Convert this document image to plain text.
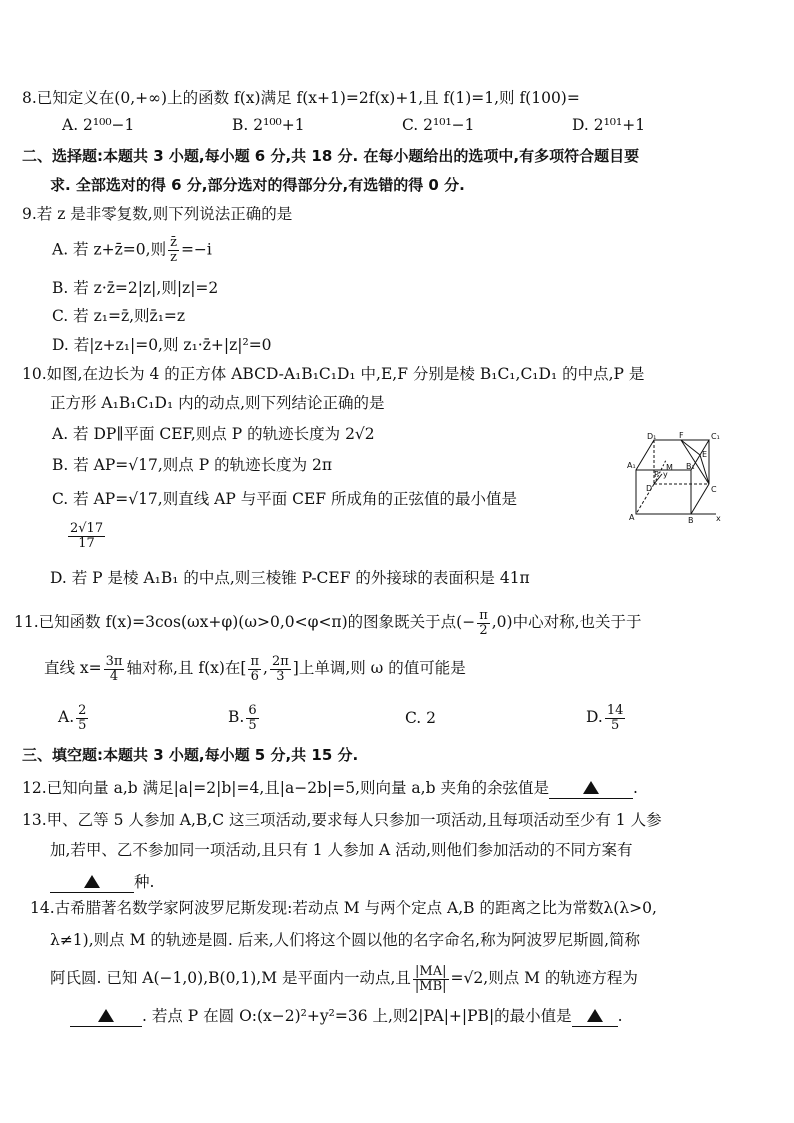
8.已知定义在(0,+∞)上的函数 f(x)满足 f(x+1)=2f(x)+1,且 f(1)=1,则 f(100)=
A. 2¹⁰⁰−1	B. 2¹⁰⁰+1	C. 2¹⁰¹−1	D. 2¹⁰¹+1
二、选择题:本题共 3 小题,每小题 6 分,共 18 分. 在每小题给出的选项中,有多项符合题目要
求. 全部选对的得 6 分,部分选对的得部分分,有选错的得 0 分.
9.若 z 是非零复数,则下列说法正确的是
A. 若 z+z̄=0,则 $\frac{z̄}{z} =-i$
B. 若 z·z̄=2|z|,则|z|=2
C. 若 z₁=z̄,则z̄₁=z
D. 若|z+z₁|=0,则 z₁·z̄+|z|²=0
10.如图,在边长为 4 的正方体 ABCD-A₁B₁C₁D₁ 中,E,F 分别是棱 B₁C₁,C₁D₁ 的中点,P 是
正方形 A₁B₁C₁D₁ 内的动点,则下列结论正确的是
A. 若 DP∥平面 CEF,则点 P 的轨迹长度为 2√2
B. 若 AP=√17,则点 P 的轨迹长度为 2π
C. 若 AP=√17,则直线 AP 与平面 CEF 所成角的正弦值的最小值是
$\frac{2√17}{17}$
D. 若 P 是棱 A₁B₁ 的中点,则三棱锥 P-CEF 的外接球的表面积是 41π
D₁	F	C₁
A₁	M B₁
E
D
P y
C
A	B	x
11.已知函数 f(x)=3cos(ωx+φ)(ω>0,0<φ<π)的图象既关于点(− $\frac{\pi}{2} ,0$)中心对称,也关于于
直线 $x= \frac{3\pi}{4}$ 轴对称,且 f(x)在[ $\frac{\pi}{6}$ , $\frac{2\pi}{3}$ ]上单调,则 ω 的值可能是
A. $\frac{2}{5}$	B. $\frac{6}{5}$	C. 2	D. $\frac{14}{5}$
三、填空题:本题共 3 小题,每小题 5 分,共 15 分.
12.已知向量 a,b 满足|a|=2|b|=4,且|a−2b|=5,则向量 a,b 夹角的余弦值是	.
13.甲、乙等 5 人参加 A,B,C 这三项活动,要求每人只参加一项活动,且每项活动至少有 1 人参
加,若甲、乙不参加同一项活动,且只有 1 人参加 A 活动,则他们参加活动的不同方案有
种.
14.古希腊著名数学家阿波罗尼斯发现:若动点 M 与两个定点 A,B 的距离之比为常数λ(λ>0,
λ≠1),则点 M 的轨迹是圆. 后来,人们将这个圆以他的名字命名,称为阿波罗尼斯圆,简称
阿氏圆. 已知 A(−1,0),B(0,1),M 是平面内一动点,且 $\frac{|MA|}{|MB|} =√2$,则点 M 的轨迹方程为
. 若点 P 在圆 O:(x−2)²+y²=36 上,则2|PA|+|PB|的最小值是	.
